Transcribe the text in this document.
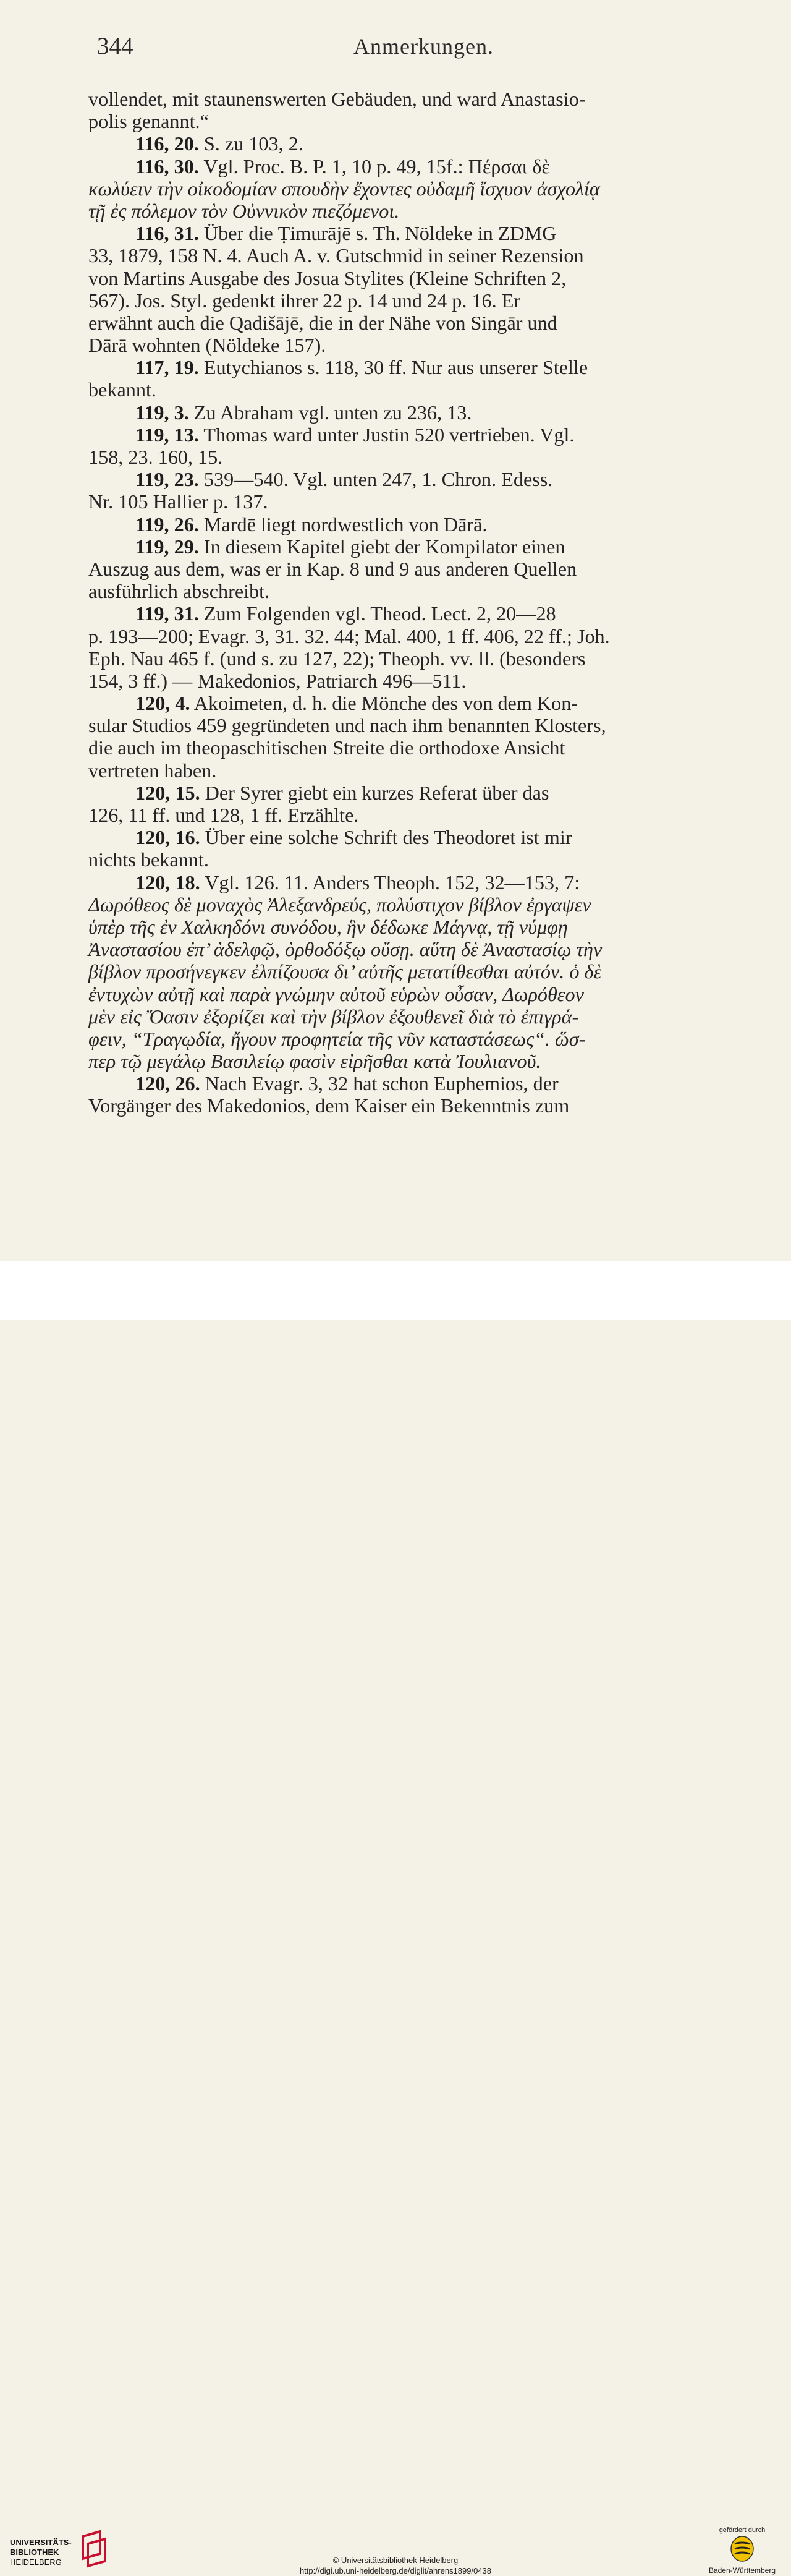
344	Anmerkungen.
vollendet, mit staunenswerten Gebäuden, und ward Anastasio-
polis genannt.“
116, 20. S. zu 103, 2.
116, 30. Vgl. Proc. B. P. 1, 10 p. 49, 15f.: Πέρσαι δὲ
κωλύειν τὴν οἰκοδομίαν σπουδὴν ἔχοντες οὐδαμῆ ἴσχυον ἀσχολίᾳ
τῇ ἐς πόλεμον τὸν Οὐννικὸν πιεζόμενοι.
116, 31. Über die Ṭimurājē s. Th. Nöldeke in ZDMG
33, 1879, 158 N. 4. Auch A. v. Gutschmid in seiner Rezension
von Martins Ausgabe des Josua Stylites (Kleine Schriften 2,
567). Jos. Styl. gedenkt ihrer 22 p. 14 und 24 p. 16. Er
erwähnt auch die Qadišājē, die in der Nähe von Singār und
Dārā wohnten (Nöldeke 157).
117, 19. Eutychianos s. 118, 30 ff. Nur aus unserer Stelle
bekannt.
119, 3. Zu Abraham vgl. unten zu 236, 13.
119, 13. Thomas ward unter Justin 520 vertrieben. Vgl.
158, 23. 160, 15.
119, 23. 539—540. Vgl. unten 247, 1. Chron. Edess.
Nr. 105 Hallier p. 137.
119, 26. Mardē liegt nordwestlich von Dārā.
119, 29. In diesem Kapitel giebt der Kompilator einen
Auszug aus dem, was er in Kap. 8 und 9 aus anderen Quellen
ausführlich abschreibt.
119, 31. Zum Folgenden vgl. Theod. Lect. 2, 20—28
p. 193—200; Evagr. 3, 31. 32. 44; Mal. 400, 1 ff. 406, 22 ff.; Joh.
Eph. Nau 465 f. (und s. zu 127, 22); Theoph. vv. ll. (besonders
154, 3 ff.) — Makedonios, Patriarch 496—511.
120, 4. Akoimeten, d. h. die Mönche des von dem Kon-
sular Studios 459 gegründeten und nach ihm benannten Klosters,
die auch im theopaschitischen Streite die orthodoxe Ansicht
vertreten haben.
120, 15. Der Syrer giebt ein kurzes Referat über das
126, 11 ff. und 128, 1 ff. Erzählte.
120, 16. Über eine solche Schrift des Theodoret ist mir
nichts bekannt.
120, 18. Vgl. 126. 11. Anders Theoph. 152, 32—153, 7:
Δωρόθεος δὲ μοναχὸς Ἀλεξανδρεύς, πολύστιχον βίβλον ἐργαψεν
ὑπὲρ τῆς ἐν Χαλκηδόνι συνόδου, ἣν δέδωκε Μάγνᾳ, τῇ νύμφῃ
Ἀναστασίου ἐπ’ ἀδελφῷ, ὀρθοδόξῳ οὔσῃ. αὕτη δὲ Ἀναστασίῳ τὴν
βίβλον προσήνεγκεν ἐλπίζουσα δι’ αὐτῆς μετατίθεσθαι αὐτόν. ὁ δὲ
ἐντυχὼν αὐτῇ καὶ παρὰ γνώμην αὐτοῦ εὑρὼν οὖσαν, Δωρόθεον
μὲν εἰς Ὄασιν ἐξορίζει καὶ τὴν βίβλον ἐξουθενεῖ διὰ τὸ ἐπιγρά-
φειν, “Τραγῳδία, ἤγουν προφητεία τῆς νῦν καταστάσεως“. ὥσ-
περ τῷ μεγάλῳ Βασιλείῳ φασὶν εἰρῆσθαι κατὰ Ἰουλιανοῦ.
120, 26. Nach Evagr. 3, 32 hat schon Euphemios, der
Vorgänger des Makedonios, dem Kaiser ein Bekenntnis zum
UNIVERSITÄTS-
BIBLIOTHEK
HEIDELBERG	© Universitätsbibliothek Heidelberg
http://digi.ub.uni-heidelberg.de/diglit/ahrens1899/0438
gefördert durch
Baden-Württemberg
